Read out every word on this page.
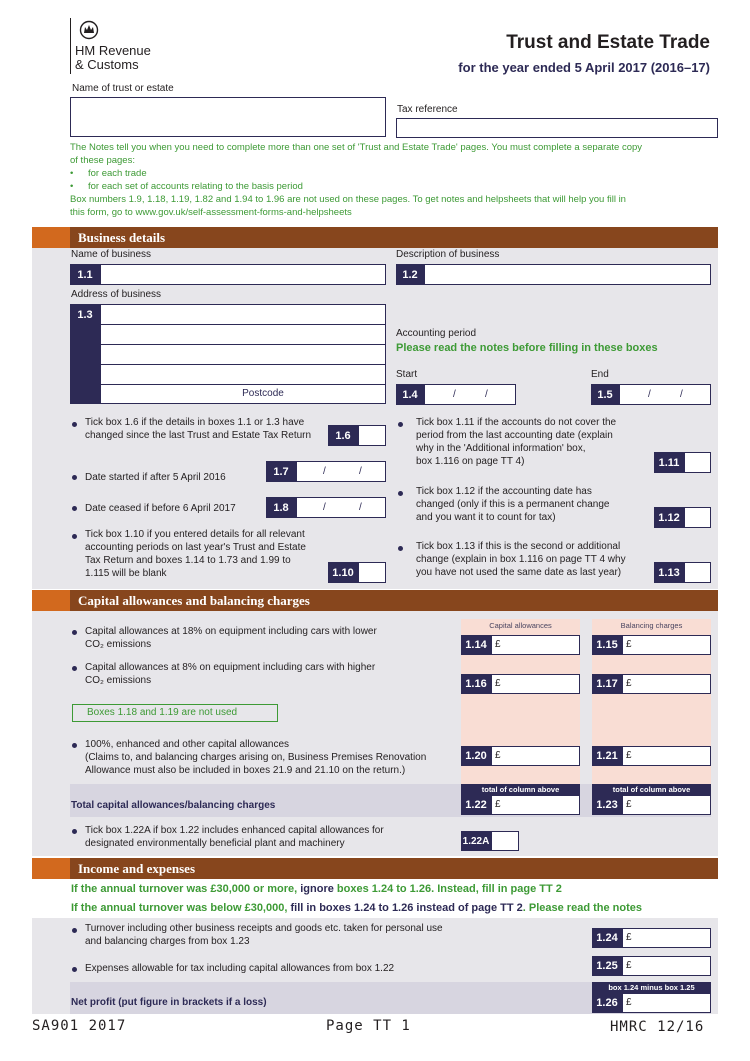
HM Revenue
& Customs
Trust and Estate Trade
for the year ended 5 April 2017 (2016–17)
Name of trust or estate
Tax reference
The Notes tell you when you need to complete more than one set of 'Trust and Estate Trade' pages. You must complete a separate copy
of these pages:
• for each trade
• for each set of accounts relating to the basis period
Box numbers 1.9, 1.18, 1.19, 1.82 and 1.94 to 1.96 are not used on these pages. To get notes and helpsheets that will help you fill in
this form, go to www.gov.uk/self-assessment-forms-and-helpsheets
Business details
Name of business
1.1
Description of business
1.2
Address of business
1.3
Postcode
Accounting period
Please read the notes before filling in these boxes
Start	End
1.4	/	/	1.5	/	/
Tick box 1.6 if the details in boxes 1.1 or 1.3 have
changed since the last Trust and Estate Tax Return	1.6
Date started if after 5 April 2016	1.7	/	/
Date ceased if before 6 April 2017	1.8	/	/
Tick box 1.10 if you entered details for all relevant
accounting periods on last year's Trust and Estate
Tax Return and boxes 1.14 to 1.73 and 1.99 to
1.115 will be blank	1.10
Tick box 1.11 if the accounts do not cover the
period from the last accounting date (explain
why in the 'Additional information' box,
box 1.116 on page TT 4)	1.11
Tick box 1.12 if the accounting date has
changed (only if this is a permanent change
and you want it to count for tax)	1.12
Tick box 1.13 if this is the second or additional
change (explain in box 1.116 on page TT 4 why
you have not used the same date as last year)	1.13
Capital allowances and balancing charges
Capital allowances	Balancing charges
Capital allowances at 18% on equipment including cars with lower
CO₂ emissions	1.14 £	1.15 £
Capital allowances at 8% on equipment including cars with higher
CO₂ emissions	1.16 £	1.17 £
Boxes 1.18 and 1.19 are not used
100%, enhanced and other capital allowances
(Claims to, and balancing charges arising on, Business Premises Renovation
Allowance must also be included in boxes 21.9 and 21.10 on the return.)
1.20 £	1.21 £
total of column above	total of column above
Total capital allowances/balancing charges	1.22 £	1.23 £
Tick box 1.22A if box 1.22 includes enhanced capital allowances for
designated environmentally beneficial plant and machinery	1.22A
Income and expenses
If the annual turnover was £30,000 or more, ignore boxes 1.24 to 1.26. Instead, fill in page TT 2
If the annual turnover was below £30,000, fill in boxes 1.24 to 1.26 instead of page TT 2. Please read the notes
Turnover including other business receipts and goods etc. taken for personal use
and balancing charges from box 1.23	1.24 £
Expenses allowable for tax including capital allowances from box 1.22	1.25 £
box 1.24 minus box 1.25
Net profit (put figure in brackets if a loss)	1.26 £
SA901 2017	Page TT 1	HMRC 12/16
